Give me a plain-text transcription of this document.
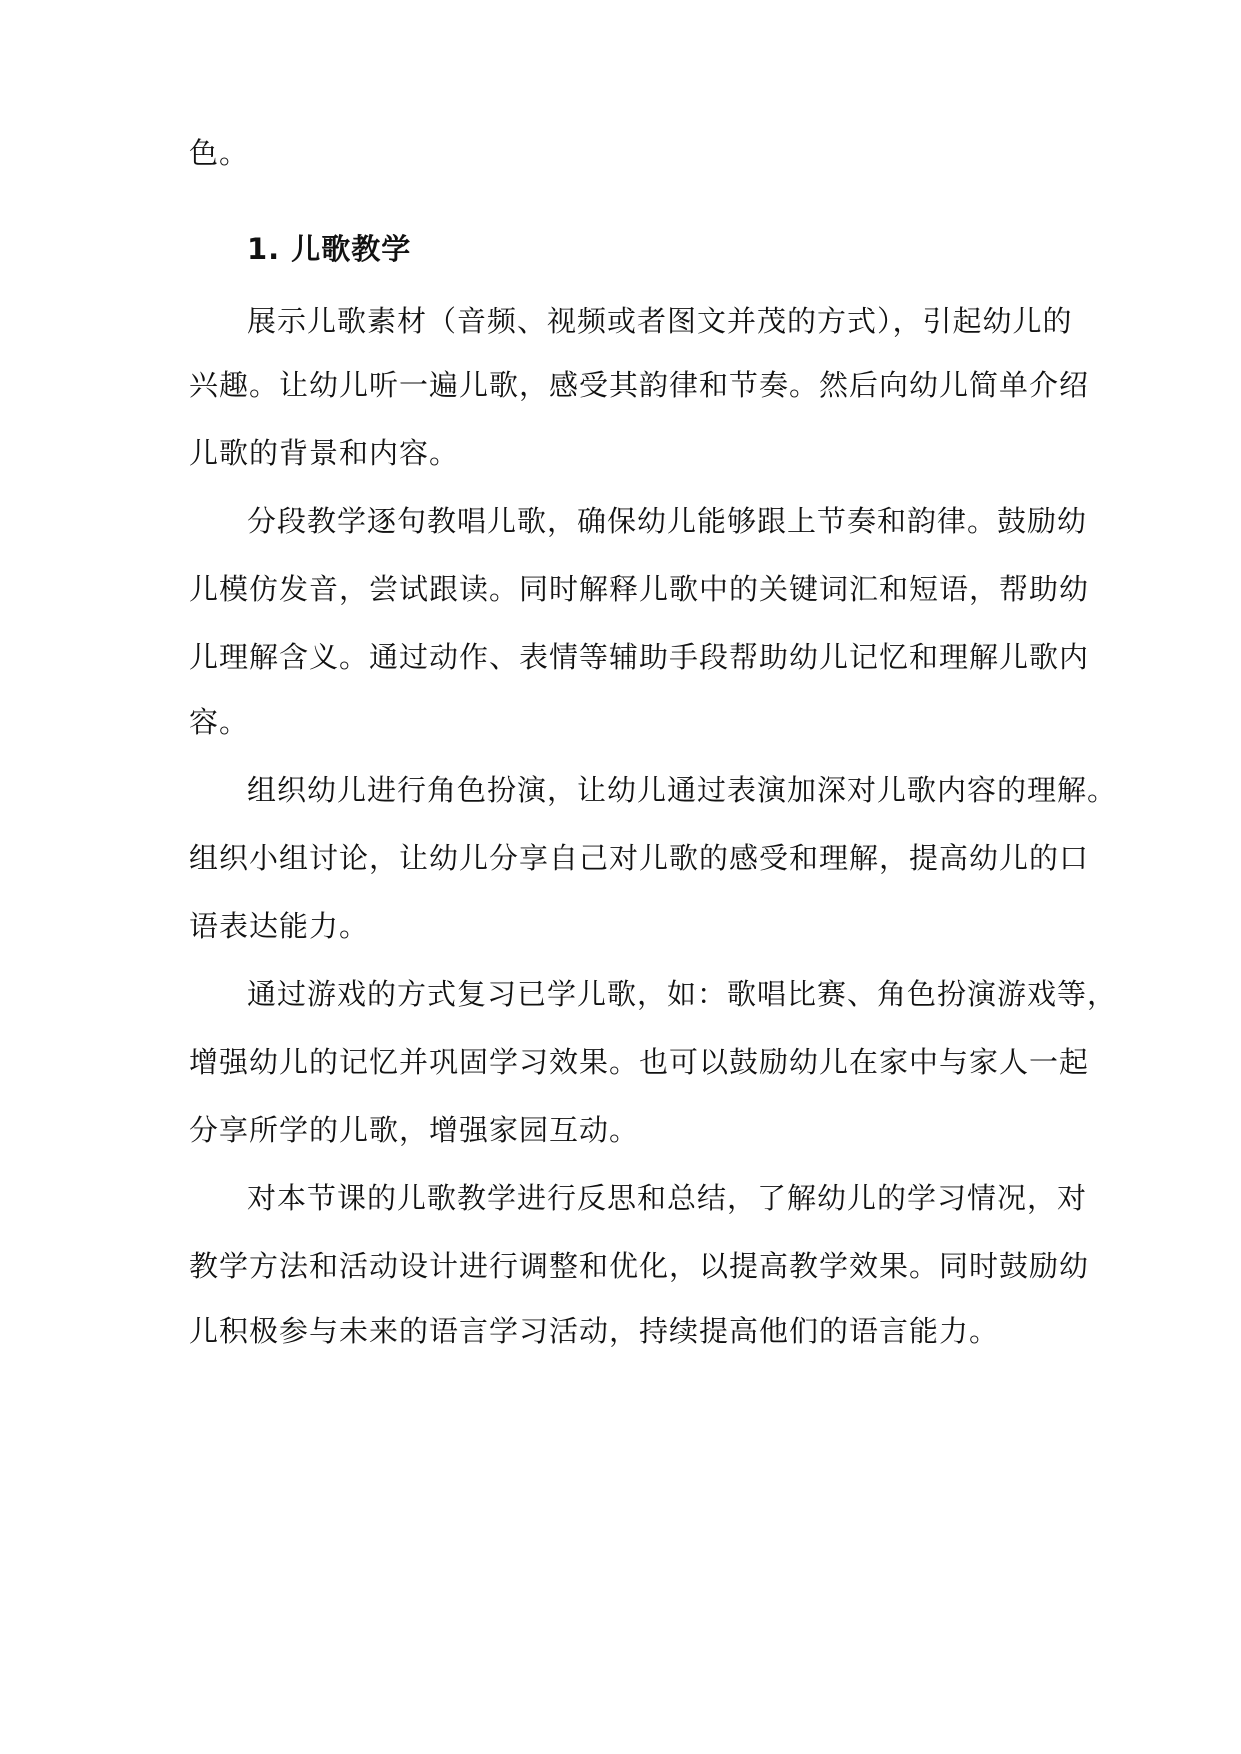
色。
1. 儿歌教学
展示儿歌素材（音频、视频或者图文并茂的方式），引起幼儿的
兴趣。让幼儿听一遍儿歌，感受其韵律和节奏。然后向幼儿简单介绍
儿歌的背景和内容。
分段教学逐句教唱儿歌，确保幼儿能够跟上节奏和韵律。鼓励幼
儿模仿发音，尝试跟读。同时解释儿歌中的关键词汇和短语，帮助幼
儿理解含义。通过动作、表情等辅助手段帮助幼儿记忆和理解儿歌内
容。
组织幼儿进行角色扮演，让幼儿通过表演加深对儿歌内容的理解。
组织小组讨论，让幼儿分享自己对儿歌的感受和理解，提高幼儿的口
语表达能力。
通过游戏的方式复习已学儿歌，如：歌唱比赛、角色扮演游戏等，
增强幼儿的记忆并巩固学习效果。也可以鼓励幼儿在家中与家人一起
分享所学的儿歌，增强家园互动。
对本节课的儿歌教学进行反思和总结，了解幼儿的学习情况，对
教学方法和活动设计进行调整和优化，以提高教学效果。同时鼓励幼
儿积极参与未来的语言学习活动，持续提高他们的语言能力。
